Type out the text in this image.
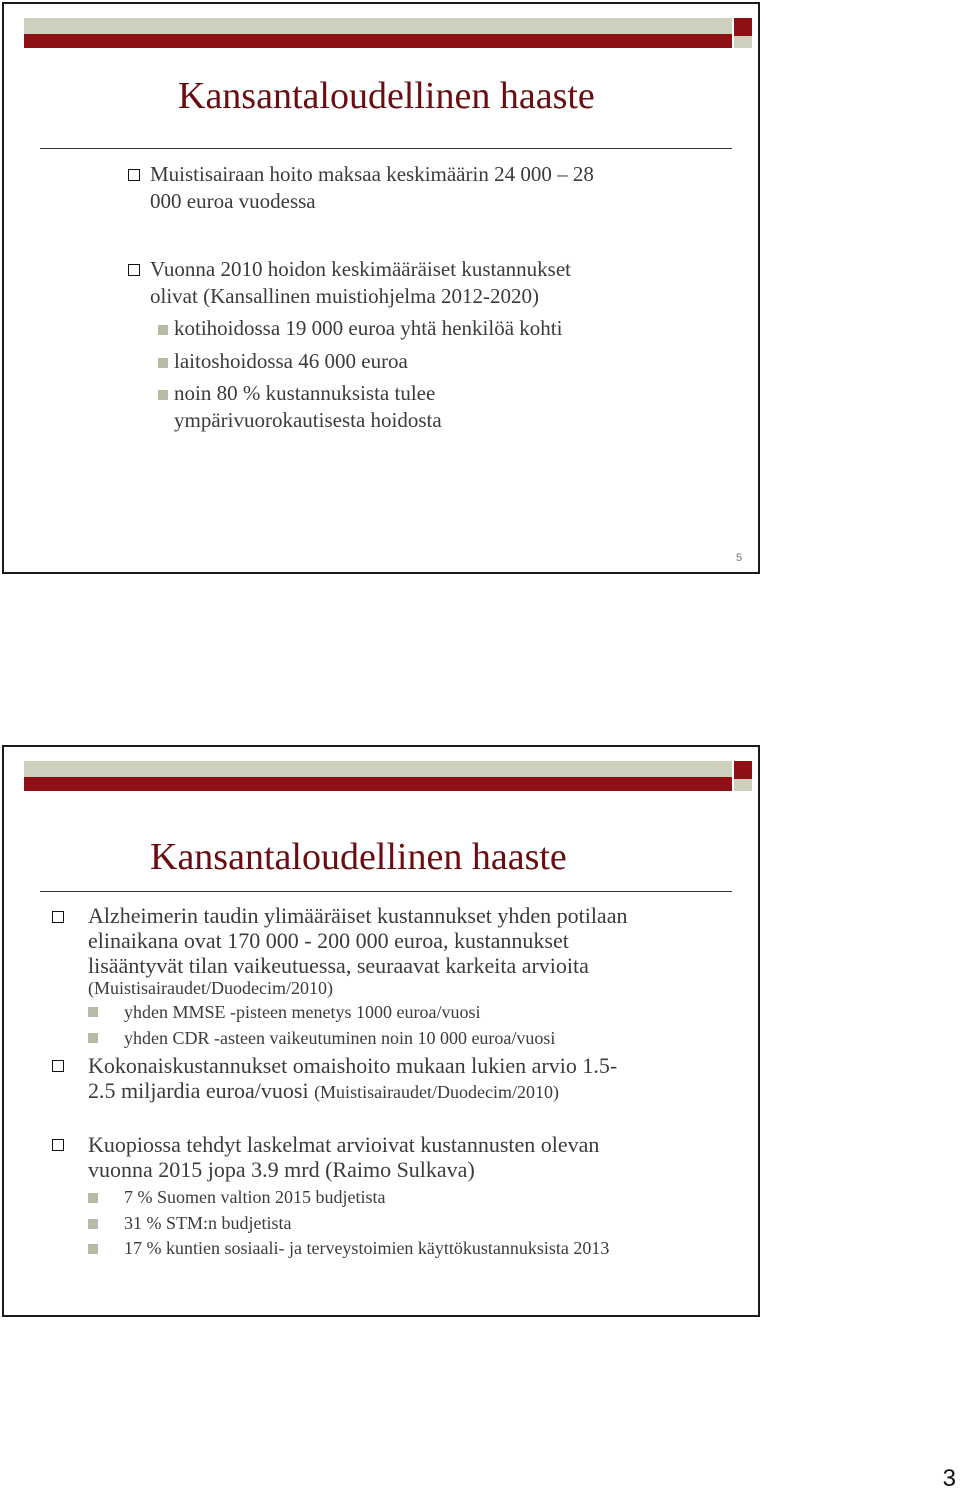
Kansantaloudellinen haaste
Muistisairaan hoito maksaa keskimäärin 24 000 – 28
000 euroa vuodessa
Vuonna 2010 hoidon keskimääräiset kustannukset
olivat (Kansallinen muistiohjelma 2012-2020)
kotihoidossa 19 000 euroa yhtä henkilöä kohti
laitoshoidossa 46 000 euroa
noin 80 % kustannuksista tulee
ympärivuorokautisesta hoidosta
5
Kansantaloudellinen haaste
Alzheimerin taudin ylimääräiset kustannukset yhden potilaan
elinaikana ovat 170 000 - 200 000 euroa, kustannukset
lisääntyvät tilan vaikeutuessa, seuraavat karkeita arvioita
(Muistisairaudet/Duodecim/2010)
yhden MMSE -pisteen menetys 1000 euroa/vuosi
yhden CDR -asteen vaikeutuminen noin 10 000 euroa/vuosi
Kokonaiskustannukset omaishoito mukaan lukien arvio 1.5-
2.5 miljardia euroa/vuosi (Muistisairaudet/Duodecim/2010)
Kuopiossa tehdyt laskelmat arvioivat kustannusten olevan
vuonna 2015 jopa 3.9 mrd (Raimo Sulkava)
7 % Suomen valtion 2015 budjetista
31 % STM:n budjetista
17 % kuntien sosiaali- ja terveystoimien käyttökustannuksista 2013
3
